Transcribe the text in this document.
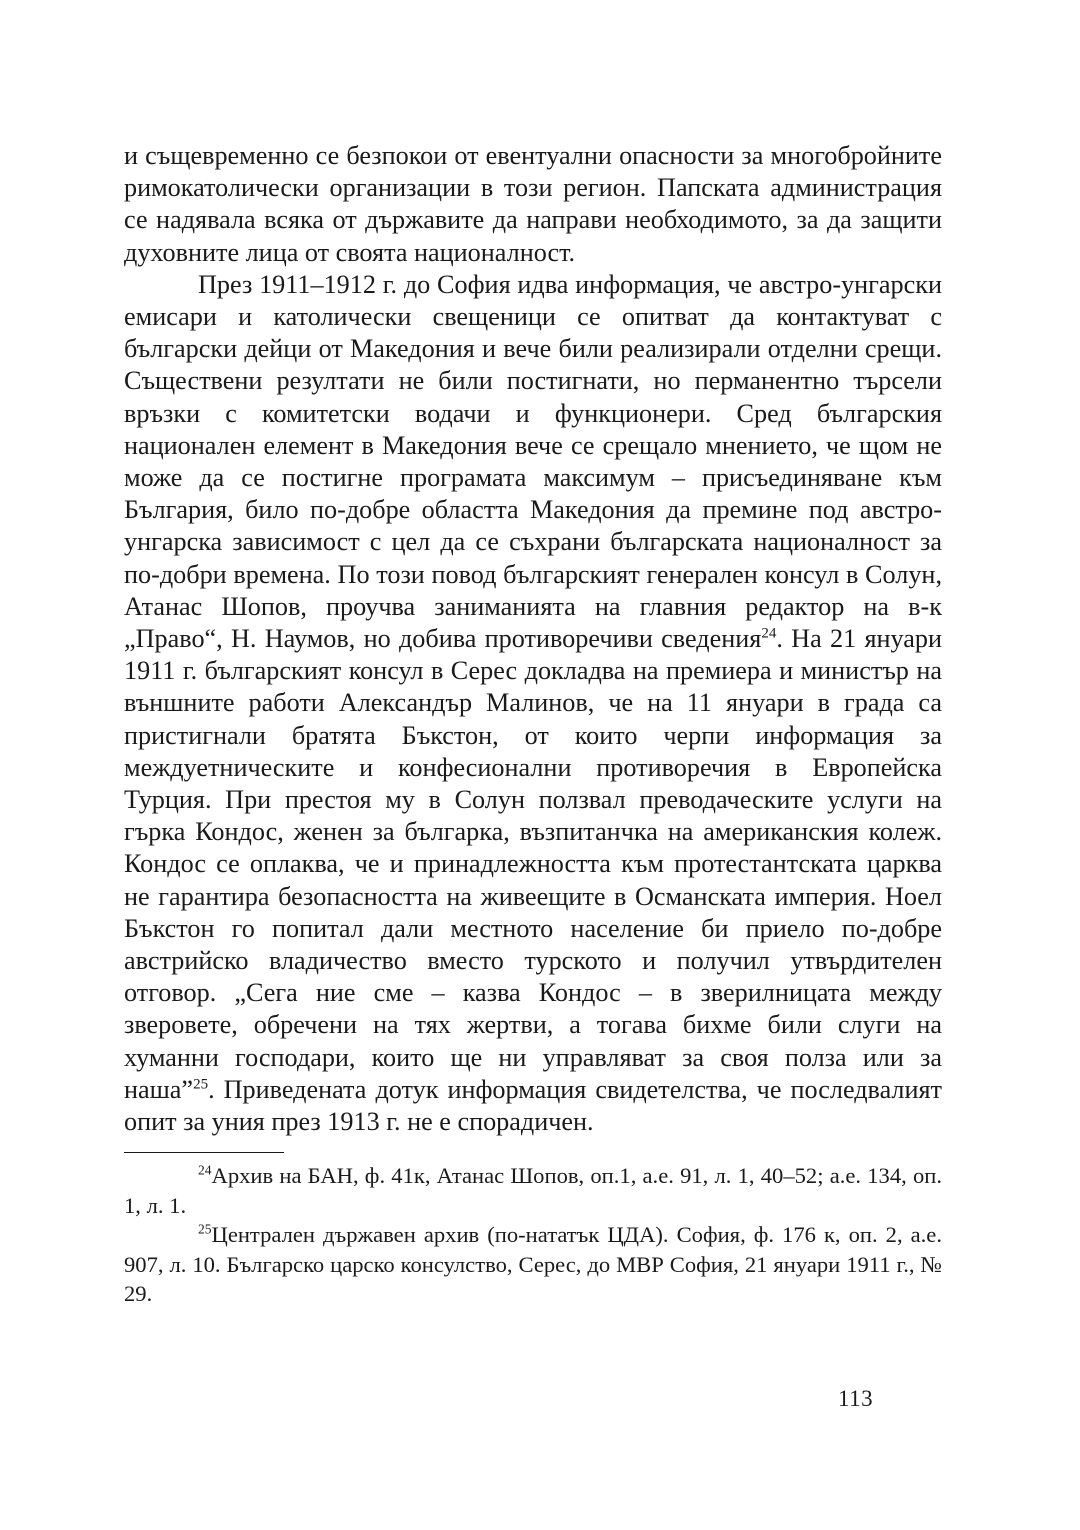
и същевременно се безпокои от евентуални опасности за многобройните римокатолически организации в този регион. Папската администрация се надявала всяка от държавите да направи необходимото, за да защити духовните лица от своята националност.

През 1911–1912 г. до София идва информация, че австро-унгарски емисари и католически свещеници се опитват да контактуват с български дейци от Македония и вече били реализирали отделни срещи. Съществени резултати не били постигнати, но перманентно търсели връзки с комитетски водачи и функционери. Сред българския национален елемент в Македония вече се срещало мнението, че щом не може да се постигне програмата максимум – присъединяване към България, било по-добре областта Македония да премине под австро-унгарска зависимост с цел да се съхрани българската националност за по-добри времена. По този повод българският генерален консул в Солун, Атанас Шопов, проучва заниманията на главния редактор на в-к „Право“, Н. Наумов, но добива противоречиви сведения$^{24}$. На 21 януари 1911 г. българският консул в Серес докладва на премиера и министър на външните работи Александър Малинов, че на 11 януари в града са пристигнали братята Бъкстон, от които черпи информация за междуетническите и конфесионални противоречия в Европейска Турция. При престоя му в Солун ползвал преводаческите услуги на гърка Кондос, женен за българка, възпитанчка на американския колеж. Кондос се оплаква, че и принадлежността към протестантската царква не гарантира безопасността на живеещите в Османската империя. Ноел Бъкстон го попитал дали местното население би приело по-добре австрийско владичество вместо турското и получил утвърдителен отговор. „Сега ние сме – казва Кондос – в зверилницата между зверовете, обречени на тях жертви, а тогава бихме били слуги на хуманни господари, които ще ни управляват за своя полза или за наша”$^{25}$. Приведената дотук информация свидетелства, че последвалият опит за уния през 1913 г. не е спорадичен.

$^{24}$Архив на БАН, ф. 41к, Атанас Шопов, оп.1, а.е. 91, л. 1, 40–52; а.е. 134, оп. 1, л. 1.

$^{25}$Централен държавен архив (по-нататък ЦДА). София, ф. 176 к, оп. 2, а.е. 907, л. 10. Българско царско консулство, Серес, до МВР София, 21 януари 1911 г., № 29.

113
